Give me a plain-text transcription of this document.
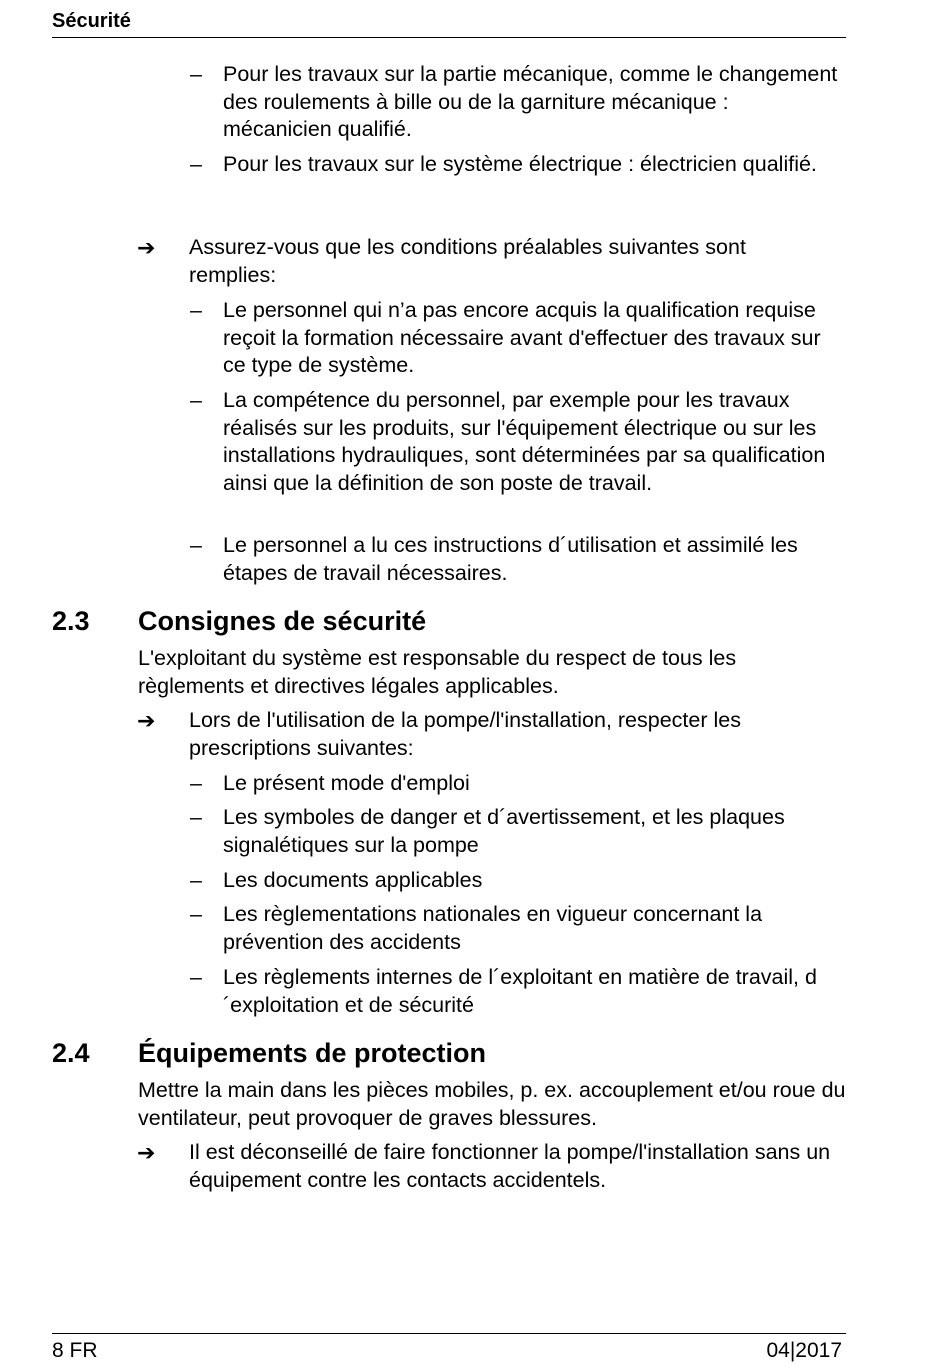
Sécurité
– Pour les travaux sur la partie mécanique, comme le changement des roulements à bille ou de la garniture mécanique : mécanicien qualifié.
– Pour les travaux sur le système électrique : électricien qualifié.
➔ Assurez-vous que les conditions préalables suivantes sont remplies:
– Le personnel qui n’a pas encore acquis la qualification requise reçoit la formation nécessaire avant d'effectuer des travaux sur ce type de système.
– La compétence du personnel, par exemple pour les travaux réalisés sur les produits, sur l'équipement électrique ou sur les installations hydrauliques, sont déterminées par sa qualification ainsi que la définition de son poste de travail.
– Le personnel a lu ces instructions d´utilisation et assimilé les étapes de travail nécessaires.
2.3 Consignes de sécurité
L'exploitant du système est responsable du respect de tous les règlements et directives légales applicables.
➔ Lors de l'utilisation de la pompe/l'installation, respecter les prescriptions suivantes:
– Le présent mode d'emploi
– Les symboles de danger et d´avertissement, et les plaques signalétiques sur la pompe
– Les documents applicables
– Les règlementations nationales en vigueur concernant la prévention des accidents
– Les règlements internes de l´exploitant en matière de travail, d´exploitation et de sécurité
2.4 Équipements de protection
Mettre la main dans les pièces mobiles, p. ex. accouplement et/ou roue du ventilateur, peut provoquer de graves blessures.
➔ Il est déconseillé de faire fonctionner la pompe/l'installation sans un équipement contre les contacts accidentels.
8 FR	04|2017
